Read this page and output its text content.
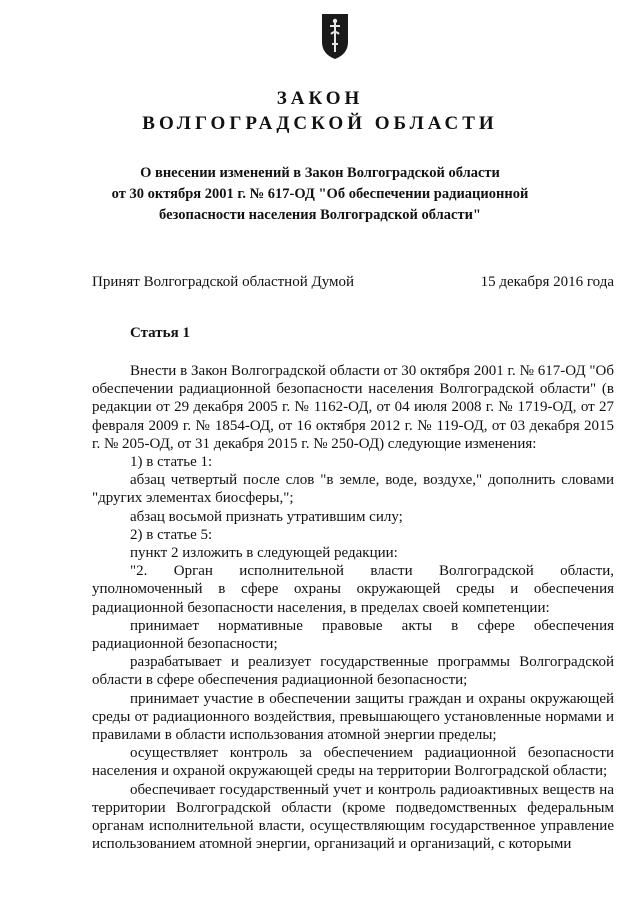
ЗАКОН
ВОЛГОГРАДСКОЙ ОБЛАСТИ
О внесении изменений в Закон Волгоградской области
от 30 октября 2001 г. № 617-ОД "Об обеспечении радиационной
безопасности населения Волгоградской области"
Принят Волгоградской областной Думой	15 декабря 2016 года
Статья 1

Внести в Закон Волгоградской области от 30 октября 2001 г. № 617-ОД "Об обеспечении радиационной безопасности населения Волгоградской области" (в редакции от 29 декабря 2005 г. № 1162-ОД, от 04 июля 2008 г. № 1719-ОД, от 27 февраля 2009 г. № 1854-ОД, от 16 октября 2012 г. № 119-ОД, от 03 декабря 2015 г. № 205-ОД, от 31 декабря 2015 г. № 250-ОД) следующие изменения:

1) в статье 1:

абзац четвертый после слов "в земле, воде, воздухе," дополнить словами "других элементах биосферы,";

абзац восьмой признать утратившим силу;

2) в статье 5:

пункт 2 изложить в следующей редакции:

"2. Орган исполнительной власти Волгоградской области, уполномоченный в сфере охраны окружающей среды и обеспечения радиационной безопасности населения, в пределах своей компетенции:

принимает нормативные правовые акты в сфере обеспечения радиационной безопасности;

разрабатывает и реализует государственные программы Волгоградской области в сфере обеспечения радиационной безопасности;

принимает участие в обеспечении защиты граждан и охраны окружающей среды от радиационного воздействия, превышающего установленные нормами и правилами в области использования атомной энергии пределы;

осуществляет контроль за обеспечением радиационной безопасности населения и охраной окружающей среды на территории Волгоградской области;

обеспечивает государственный учет и контроль радиоактивных веществ на территории Волгоградской области (кроме подведомственных федеральным органам исполнительной власти, осуществляющим государственное управление использованием атомной энергии, организаций и организаций, с которыми
